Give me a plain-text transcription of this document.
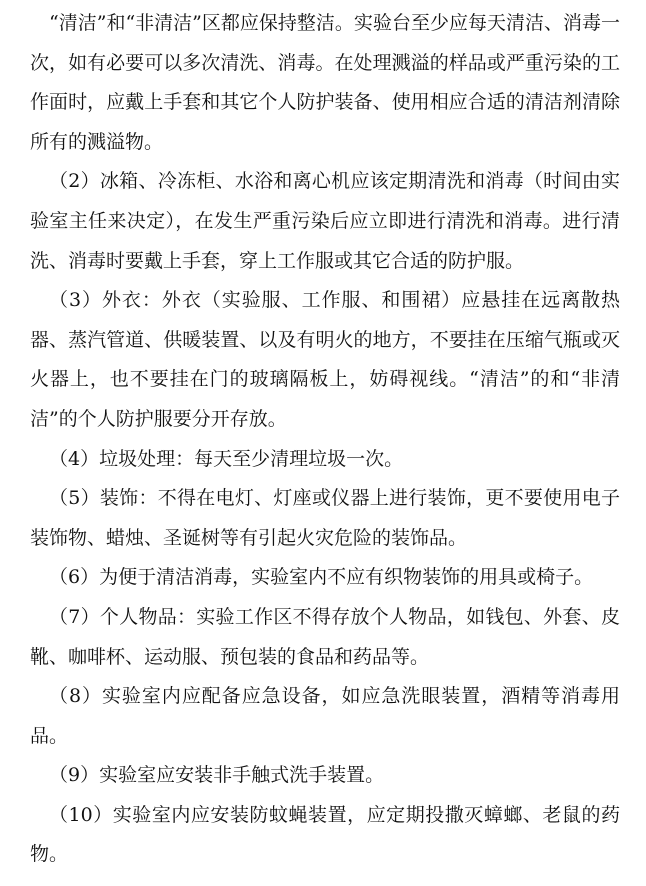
“清洁”和“非清洁”区都应保持整洁。实验台至少应每天清洁、消毒一次，如有必要可以多次清洗、消毒。在处理溅溢的样品或严重污染的工作面时，应戴上手套和其它个人防护装备、使用相应合适的清洁剂清除所有的溅溢物。

（2）冰箱、冷冻柜、水浴和离心机应该定期清洗和消毒（时间由实验室主任来决定），在发生严重污染后应立即进行清洗和消毒。进行清洗、消毒时要戴上手套，穿上工作服或其它合适的防护服。

（3）外衣：外衣（实验服、工作服、和围裙）应悬挂在远离散热器、蒸汽管道、供暖装置、以及有明火的地方，不要挂在压缩气瓶或灭火器上，也不要挂在门的玻璃隔板上，妨碍视线。“清洁”的和“非清洁”的个人防护服要分开存放。

（4）垃圾处理：每天至少清理垃圾一次。

（5）装饰：不得在电灯、灯座或仪器上进行装饰，更不要使用电子装饰物、蜡烛、圣诞树等有引起火灾危险的装饰品。

（6）为便于清洁消毒，实验室内不应有织物装饰的用具或椅子。

（7）个人物品：实验工作区不得存放个人物品，如钱包、外套、皮靴、咖啡杯、运动服、预包装的食品和药品等。

（8）实验室内应配备应急设备，如应急洗眼装置，酒精等消毒用品。

（9）实验室应安装非手触式洗手装置。

（10）实验室内应安装防蚊蝇装置，应定期投撒灭蟑螂、老鼠的药物。
